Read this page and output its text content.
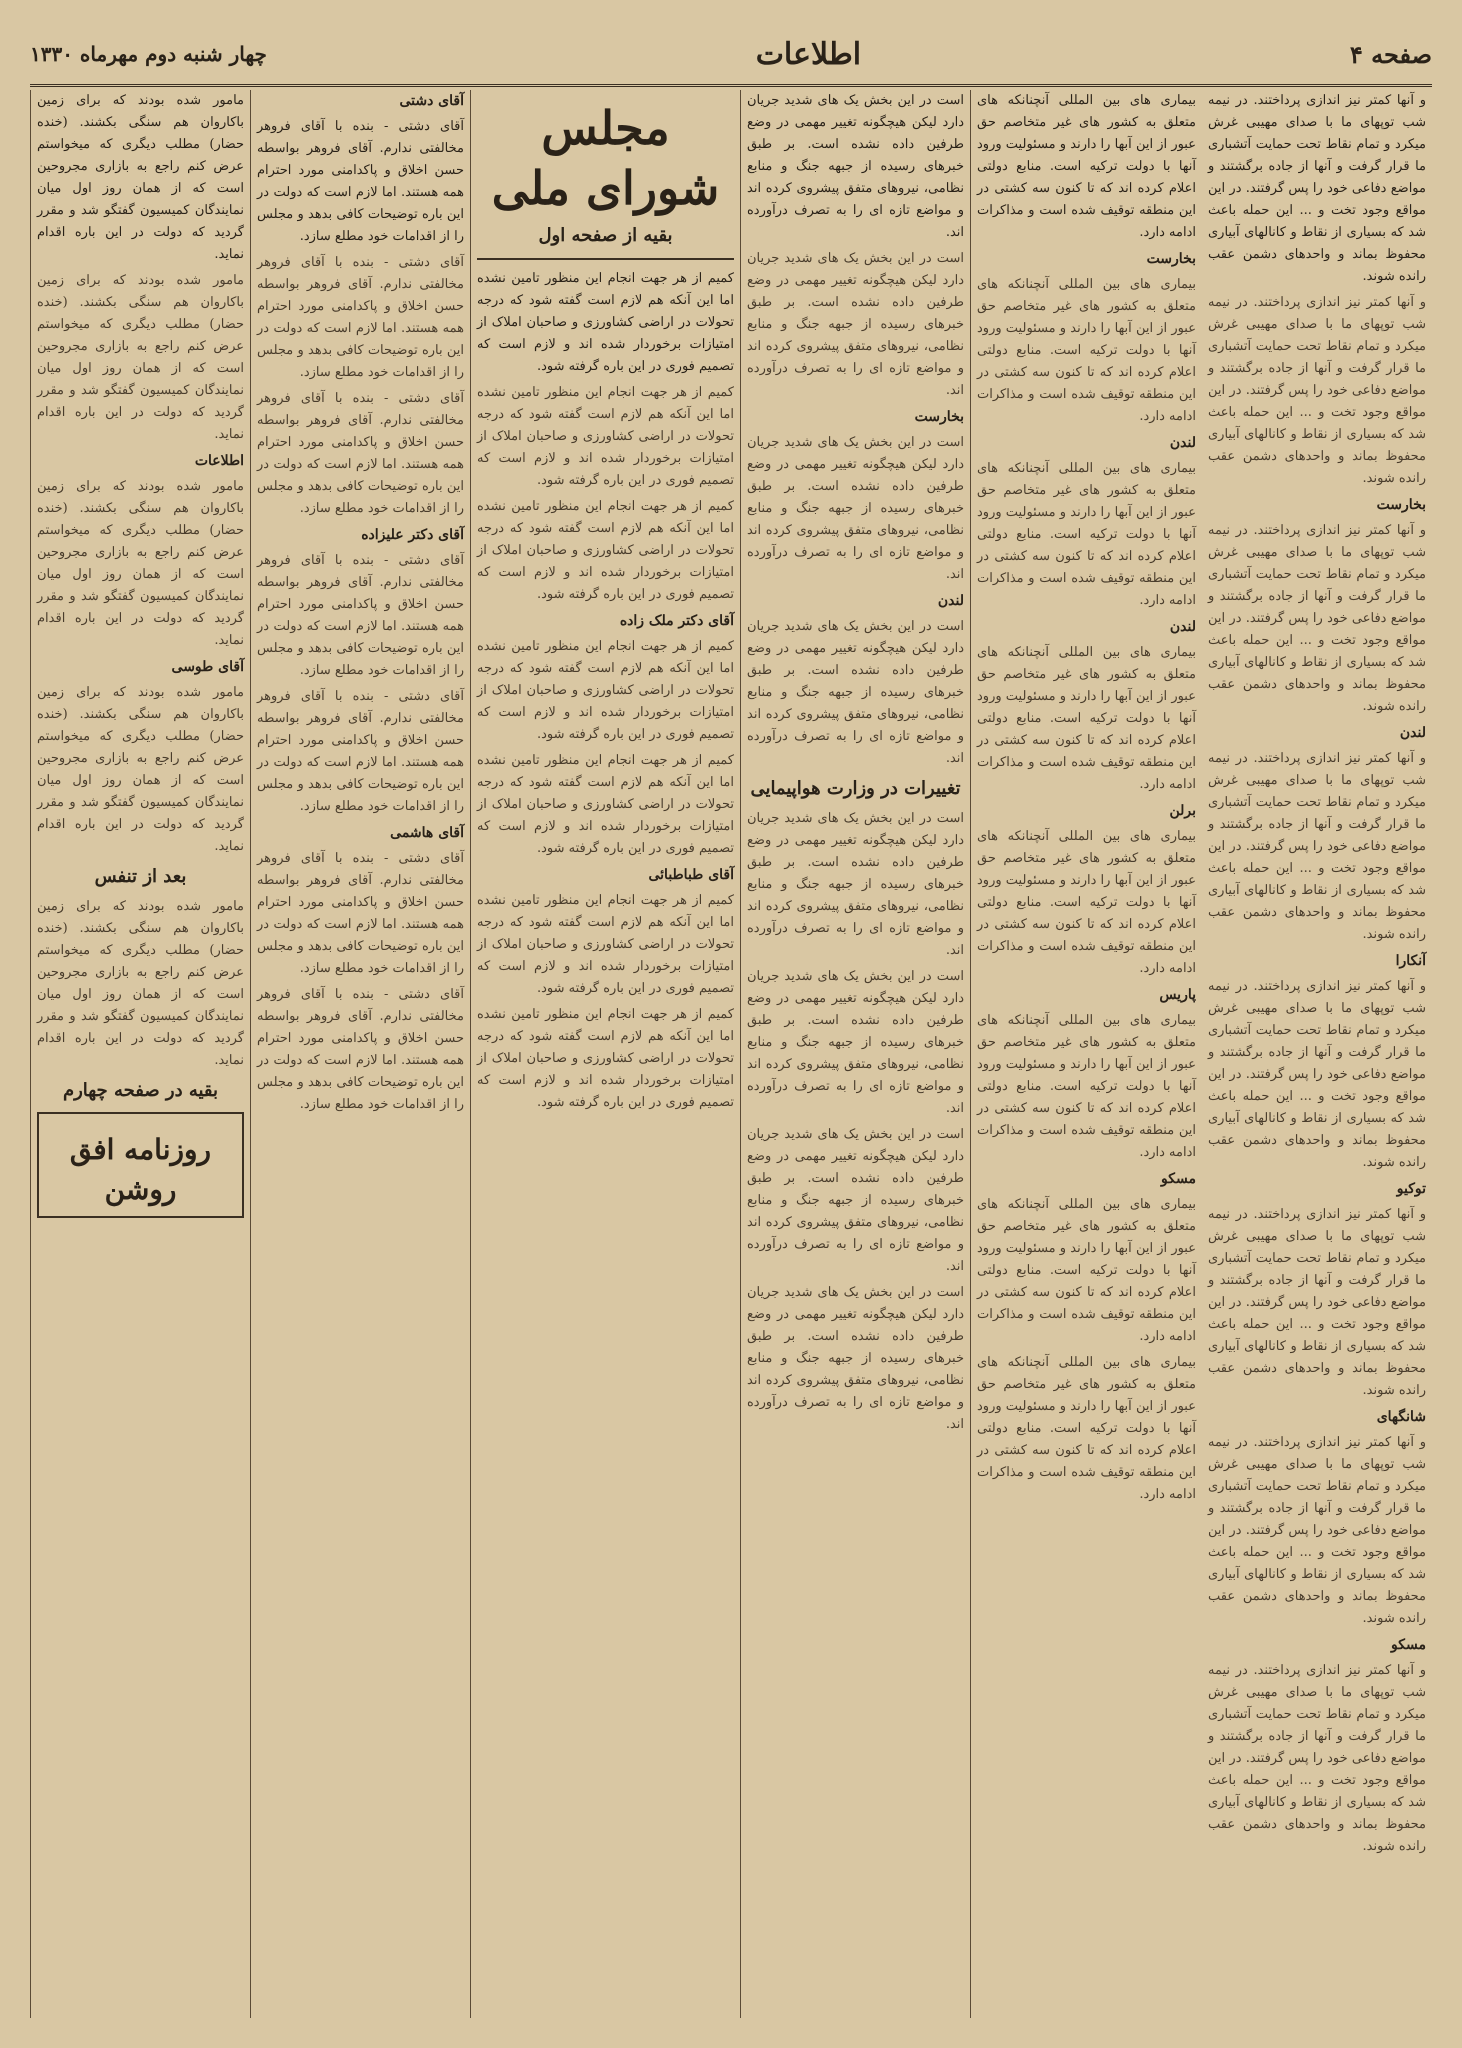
صفحه ۴
اطلاعات
چهار شنبه دوم مهرماه ۱۳۳۰

و آنها کمتر نیز اندازی پرداختند. در نیمه شب توپهای ما با صدای مهیبی غرش میکرد و تمام نقاط تحت حمایت آتشباری ما قرار گرفت و آنها از جاده برگشتند و مواضع دفاعی خود را پس گرفتند. در این مواقع وجود تخت و ... این حمله باعث شد که بسیاری از نقاط و کانالهای آبیاری محفوظ بماند و واحدهای دشمن عقب رانده شوند.

و آنها کمتر نیز اندازی پرداختند. در نیمه شب توپهای ما با صدای مهیبی غرش میکرد و تمام نقاط تحت حمایت آتشباری ما قرار گرفت و آنها از جاده برگشتند و مواضع دفاعی خود را پس گرفتند. در این مواقع وجود تخت و ... این حمله باعث شد که بسیاری از نقاط و کانالهای آبیاری محفوظ بماند و واحدهای دشمن عقب رانده شوند.

بخارست

و آنها کمتر نیز اندازی پرداختند. در نیمه شب توپهای ما با صدای مهیبی غرش میکرد و تمام نقاط تحت حمایت آتشباری ما قرار گرفت و آنها از جاده برگشتند و مواضع دفاعی خود را پس گرفتند. در این مواقع وجود تخت و ... این حمله باعث شد که بسیاری از نقاط و کانالهای آبیاری محفوظ بماند و واحدهای دشمن عقب رانده شوند.

لندن

و آنها کمتر نیز اندازی پرداختند. در نیمه شب توپهای ما با صدای مهیبی غرش میکرد و تمام نقاط تحت حمایت آتشباری ما قرار گرفت و آنها از جاده برگشتند و مواضع دفاعی خود را پس گرفتند. در این مواقع وجود تخت و ... این حمله باعث شد که بسیاری از نقاط و کانالهای آبیاری محفوظ بماند و واحدهای دشمن عقب رانده شوند.

آنکارا

و آنها کمتر نیز اندازی پرداختند. در نیمه شب توپهای ما با صدای مهیبی غرش میکرد و تمام نقاط تحت حمایت آتشباری ما قرار گرفت و آنها از جاده برگشتند و مواضع دفاعی خود را پس گرفتند. در این مواقع وجود تخت و ... این حمله باعث شد که بسیاری از نقاط و کانالهای آبیاری محفوظ بماند و واحدهای دشمن عقب رانده شوند.

توکیو

و آنها کمتر نیز اندازی پرداختند. در نیمه شب توپهای ما با صدای مهیبی غرش میکرد و تمام نقاط تحت حمایت آتشباری ما قرار گرفت و آنها از جاده برگشتند و مواضع دفاعی خود را پس گرفتند. در این مواقع وجود تخت و ... این حمله باعث شد که بسیاری از نقاط و کانالهای آبیاری محفوظ بماند و واحدهای دشمن عقب رانده شوند.

شانگهای

و آنها کمتر نیز اندازی پرداختند. در نیمه شب توپهای ما با صدای مهیبی غرش میکرد و تمام نقاط تحت حمایت آتشباری ما قرار گرفت و آنها از جاده برگشتند و مواضع دفاعی خود را پس گرفتند. در این مواقع وجود تخت و ... این حمله باعث شد که بسیاری از نقاط و کانالهای آبیاری محفوظ بماند و واحدهای دشمن عقب رانده شوند.

مسکو

و آنها کمتر نیز اندازی پرداختند. در نیمه شب توپهای ما با صدای مهیبی غرش میکرد و تمام نقاط تحت حمایت آتشباری ما قرار گرفت و آنها از جاده برگشتند و مواضع دفاعی خود را پس گرفتند. در این مواقع وجود تخت و ... این حمله باعث شد که بسیاری از نقاط و کانالهای آبیاری محفوظ بماند و واحدهای دشمن عقب رانده شوند.

بیماری های بین المللی آنچنانکه های متعلق به کشور های غیر متخاصم حق عبور از این آبها را دارند و مسئولیت ورود آنها با دولت ترکیه است. منابع دولتی اعلام کرده اند که تا کنون سه کشتی در این منطقه توقیف شده است و مذاکرات ادامه دارد.

بخارست

بیماری های بین المللی آنچنانکه های متعلق به کشور های غیر متخاصم حق عبور از این آبها را دارند و مسئولیت ورود آنها با دولت ترکیه است. منابع دولتی اعلام کرده اند که تا کنون سه کشتی در این منطقه توقیف شده است و مذاکرات ادامه دارد.

لندن

بیماری های بین المللی آنچنانکه های متعلق به کشور های غیر متخاصم حق عبور از این آبها را دارند و مسئولیت ورود آنها با دولت ترکیه است. منابع دولتی اعلام کرده اند که تا کنون سه کشتی در این منطقه توقیف شده است و مذاکرات ادامه دارد.

لندن

بیماری های بین المللی آنچنانکه های متعلق به کشور های غیر متخاصم حق عبور از این آبها را دارند و مسئولیت ورود آنها با دولت ترکیه است. منابع دولتی اعلام کرده اند که تا کنون سه کشتی در این منطقه توقیف شده است و مذاکرات ادامه دارد.

برلن

بیماری های بین المللی آنچنانکه های متعلق به کشور های غیر متخاصم حق عبور از این آبها را دارند و مسئولیت ورود آنها با دولت ترکیه است. منابع دولتی اعلام کرده اند که تا کنون سه کشتی در این منطقه توقیف شده است و مذاکرات ادامه دارد.

پاریس

بیماری های بین المللی آنچنانکه های متعلق به کشور های غیر متخاصم حق عبور از این آبها را دارند و مسئولیت ورود آنها با دولت ترکیه است. منابع دولتی اعلام کرده اند که تا کنون سه کشتی در این منطقه توقیف شده است و مذاکرات ادامه دارد.

مسکو

بیماری های بین المللی آنچنانکه های متعلق به کشور های غیر متخاصم حق عبور از این آبها را دارند و مسئولیت ورود آنها با دولت ترکیه است. منابع دولتی اعلام کرده اند که تا کنون سه کشتی در این منطقه توقیف شده است و مذاکرات ادامه دارد.

بیماری های بین المللی آنچنانکه های متعلق به کشور های غیر متخاصم حق عبور از این آبها را دارند و مسئولیت ورود آنها با دولت ترکیه است. منابع دولتی اعلام کرده اند که تا کنون سه کشتی در این منطقه توقیف شده است و مذاکرات ادامه دارد.

است در این بخش یک های شدید جریان دارد لیکن هیچگونه تغییر مهمی در وضع طرفین داده نشده است. بر طبق خبرهای رسیده از جبهه جنگ و منابع نظامی، نیروهای متفق پیشروی کرده اند و مواضع تازه ای را به تصرف درآورده اند.

است در این بخش یک های شدید جریان دارد لیکن هیچگونه تغییر مهمی در وضع طرفین داده نشده است. بر طبق خبرهای رسیده از جبهه جنگ و منابع نظامی، نیروهای متفق پیشروی کرده اند و مواضع تازه ای را به تصرف درآورده اند.

بخارست

است در این بخش یک های شدید جریان دارد لیکن هیچگونه تغییر مهمی در وضع طرفین داده نشده است. بر طبق خبرهای رسیده از جبهه جنگ و منابع نظامی، نیروهای متفق پیشروی کرده اند و مواضع تازه ای را به تصرف درآورده اند.

لندن

است در این بخش یک های شدید جریان دارد لیکن هیچگونه تغییر مهمی در وضع طرفین داده نشده است. بر طبق خبرهای رسیده از جبهه جنگ و منابع نظامی، نیروهای متفق پیشروی کرده اند و مواضع تازه ای را به تصرف درآورده اند.

تغییرات در وزارت هواپیمایی

است در این بخش یک های شدید جریان دارد لیکن هیچگونه تغییر مهمی در وضع طرفین داده نشده است. بر طبق خبرهای رسیده از جبهه جنگ و منابع نظامی، نیروهای متفق پیشروی کرده اند و مواضع تازه ای را به تصرف درآورده اند.

است در این بخش یک های شدید جریان دارد لیکن هیچگونه تغییر مهمی در وضع طرفین داده نشده است. بر طبق خبرهای رسیده از جبهه جنگ و منابع نظامی، نیروهای متفق پیشروی کرده اند و مواضع تازه ای را به تصرف درآورده اند.

است در این بخش یک های شدید جریان دارد لیکن هیچگونه تغییر مهمی در وضع طرفین داده نشده است. بر طبق خبرهای رسیده از جبهه جنگ و منابع نظامی، نیروهای متفق پیشروی کرده اند و مواضع تازه ای را به تصرف درآورده اند.

است در این بخش یک های شدید جریان دارد لیکن هیچگونه تغییر مهمی در وضع طرفین داده نشده است. بر طبق خبرهای رسیده از جبهه جنگ و منابع نظامی، نیروهای متفق پیشروی کرده اند و مواضع تازه ای را به تصرف درآورده اند.

مجلس شورای ملی
بقیه از صفحه اول

کمیم از هر جهت انجام این منظور تامین نشده اما این آنکه هم لازم است گفته شود که درجه تحولات در اراضی کشاورزی و صاحبان املاک از امتیازات برخوردار شده اند و لازم است که تصمیم فوری در این باره گرفته شود.

کمیم از هر جهت انجام این منظور تامین نشده اما این آنکه هم لازم است گفته شود که درجه تحولات در اراضی کشاورزی و صاحبان املاک از امتیازات برخوردار شده اند و لازم است که تصمیم فوری در این باره گرفته شود.

کمیم از هر جهت انجام این منظور تامین نشده اما این آنکه هم لازم است گفته شود که درجه تحولات در اراضی کشاورزی و صاحبان املاک از امتیازات برخوردار شده اند و لازم است که تصمیم فوری در این باره گرفته شود.

آقای دکتر ملک زاده

کمیم از هر جهت انجام این منظور تامین نشده اما این آنکه هم لازم است گفته شود که درجه تحولات در اراضی کشاورزی و صاحبان املاک از امتیازات برخوردار شده اند و لازم است که تصمیم فوری در این باره گرفته شود.

کمیم از هر جهت انجام این منظور تامین نشده اما این آنکه هم لازم است گفته شود که درجه تحولات در اراضی کشاورزی و صاحبان املاک از امتیازات برخوردار شده اند و لازم است که تصمیم فوری در این باره گرفته شود.

آقای طباطبائی

کمیم از هر جهت انجام این منظور تامین نشده اما این آنکه هم لازم است گفته شود که درجه تحولات در اراضی کشاورزی و صاحبان املاک از امتیازات برخوردار شده اند و لازم است که تصمیم فوری در این باره گرفته شود.

کمیم از هر جهت انجام این منظور تامین نشده اما این آنکه هم لازم است گفته شود که درجه تحولات در اراضی کشاورزی و صاحبان املاک از امتیازات برخوردار شده اند و لازم است که تصمیم فوری در این باره گرفته شود.

آقای دشتی

آقای دشتی - بنده با آقای فروهر مخالفتی ندارم. آقای فروهر بواسطه حسن اخلاق و پاکدامنی مورد احترام همه هستند. اما لازم است که دولت در این باره توضیحات کافی بدهد و مجلس را از اقدامات خود مطلع سازد.

آقای دشتی - بنده با آقای فروهر مخالفتی ندارم. آقای فروهر بواسطه حسن اخلاق و پاکدامنی مورد احترام همه هستند. اما لازم است که دولت در این باره توضیحات کافی بدهد و مجلس را از اقدامات خود مطلع سازد.

آقای دشتی - بنده با آقای فروهر مخالفتی ندارم. آقای فروهر بواسطه حسن اخلاق و پاکدامنی مورد احترام همه هستند. اما لازم است که دولت در این باره توضیحات کافی بدهد و مجلس را از اقدامات خود مطلع سازد.

آقای دکتر علیزاده

آقای دشتی - بنده با آقای فروهر مخالفتی ندارم. آقای فروهر بواسطه حسن اخلاق و پاکدامنی مورد احترام همه هستند. اما لازم است که دولت در این باره توضیحات کافی بدهد و مجلس را از اقدامات خود مطلع سازد.

آقای دشتی - بنده با آقای فروهر مخالفتی ندارم. آقای فروهر بواسطه حسن اخلاق و پاکدامنی مورد احترام همه هستند. اما لازم است که دولت در این باره توضیحات کافی بدهد و مجلس را از اقدامات خود مطلع سازد.

آقای هاشمی

آقای دشتی - بنده با آقای فروهر مخالفتی ندارم. آقای فروهر بواسطه حسن اخلاق و پاکدامنی مورد احترام همه هستند. اما لازم است که دولت در این باره توضیحات کافی بدهد و مجلس را از اقدامات خود مطلع سازد.

آقای دشتی - بنده با آقای فروهر مخالفتی ندارم. آقای فروهر بواسطه حسن اخلاق و پاکدامنی مورد احترام همه هستند. اما لازم است که دولت در این باره توضیحات کافی بدهد و مجلس را از اقدامات خود مطلع سازد.

مامور شده بودند که برای زمین باکاروان هم سنگی بکشند. (خنده حضار) مطلب دیگری که میخواستم عرض کنم راجع به بازاری مجروحین است که از همان روز اول میان نمایندگان کمیسیون گفتگو شد و مقرر گردید که دولت در این باره اقدام نماید.

مامور شده بودند که برای زمین باکاروان هم سنگی بکشند. (خنده حضار) مطلب دیگری که میخواستم عرض کنم راجع به بازاری مجروحین است که از همان روز اول میان نمایندگان کمیسیون گفتگو شد و مقرر گردید که دولت در این باره اقدام نماید.

اطلاعات

مامور شده بودند که برای زمین باکاروان هم سنگی بکشند. (خنده حضار) مطلب دیگری که میخواستم عرض کنم راجع به بازاری مجروحین است که از همان روز اول میان نمایندگان کمیسیون گفتگو شد و مقرر گردید که دولت در این باره اقدام نماید.

آقای طوسی

مامور شده بودند که برای زمین باکاروان هم سنگی بکشند. (خنده حضار) مطلب دیگری که میخواستم عرض کنم راجع به بازاری مجروحین است که از همان روز اول میان نمایندگان کمیسیون گفتگو شد و مقرر گردید که دولت در این باره اقدام نماید.

بعد از تنفس

مامور شده بودند که برای زمین باکاروان هم سنگی بکشند. (خنده حضار) مطلب دیگری که میخواستم عرض کنم راجع به بازاری مجروحین است که از همان روز اول میان نمایندگان کمیسیون گفتگو شد و مقرر گردید که دولت در این باره اقدام نماید.

بقیه در صفحه چهارم
روزنامه افق روشن
